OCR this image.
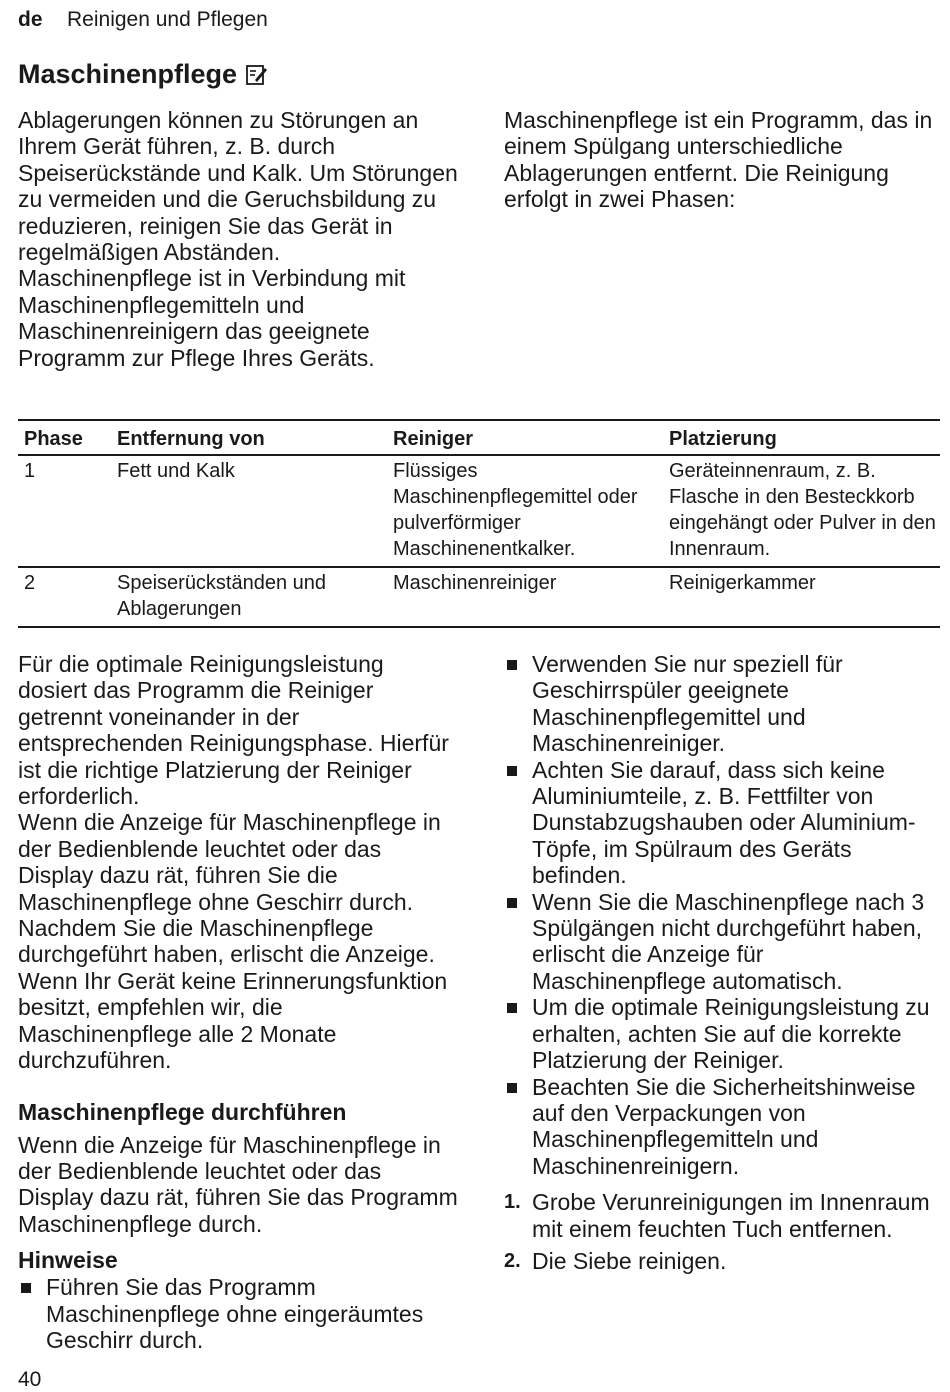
de Reinigen und Pflegen
Maschinenpflege

Ablagerungen können zu Störungen an Ihrem Gerät führen, z. B. durch Speiserückstände und Kalk. Um Störungen zu vermeiden und die Geruchsbildung zu reduzieren, reinigen Sie das Gerät in regelmäßigen Abständen.
Maschinenpflege ist in Verbindung mit Maschinenpflegemitteln und Maschinenreinigern das geeignete Programm zur Pflege Ihres Geräts.

Maschinenpflege ist ein Programm, das in einem Spülgang unterschiedliche Ablagerungen entfernt. Die Reinigung erfolgt in zwei Phasen:

Phase	Entfernung von	Reiniger	Platzierung
1	Fett und Kalk	Flüssiges Maschinenpflegemittel oder pulverförmiger Maschinenentkalker.	Geräteinnenraum, z. B. Flasche in den Besteckkorb eingehängt oder Pulver in den Innenraum.
2	Speiserückständen und Ablagerungen	Maschinenreiniger	Reinigerkammer

Für die optimale Reinigungsleistung dosiert das Programm die Reiniger getrennt voneinander in der entsprechenden Reinigungsphase. Hierfür ist die richtige Platzierung der Reiniger erforderlich.
Wenn die Anzeige für Maschinenpflege in der Bedienblende leuchtet oder das Display dazu rät, führen Sie die Maschinenpflege ohne Geschirr durch. Nachdem Sie die Maschinenpflege durchgeführt haben, erlischt die Anzeige. Wenn Ihr Gerät keine Erinnerungsfunktion besitzt, empfehlen wir, die Maschinenpflege alle 2 Monate durchzuführen.

Maschinenpflege durchführen

Wenn die Anzeige für Maschinenpflege in der Bedienblende leuchtet oder das Display dazu rät, führen Sie das Programm Maschinenpflege durch.

Hinweise

Führen Sie das Programm Maschinenpflege ohne eingeräumtes Geschirr durch.
Verwenden Sie nur speziell für Geschirrspüler geeignete Maschinenpflegemittel und Maschinenreiniger.
Achten Sie darauf, dass sich keine Aluminiumteile, z. B. Fettfilter von Dunstabzugshauben oder Aluminium-Töpfe, im Spülraum des Geräts befinden.
Wenn Sie die Maschinenpflege nach 3 Spülgängen nicht durchgeführt haben, erlischt die Anzeige für Maschinenpflege automatisch.
Um die optimale Reinigungsleistung zu erhalten, achten Sie auf die korrekte Platzierung der Reiniger.
Beachten Sie die Sicherheitshinweise auf den Verpackungen von Maschinenpflegemitteln und Maschinenreinigern.
1. Grobe Verunreinigungen im Innenraum mit einem feuchten Tuch entfernen.
2. Die Siebe reinigen.
40
